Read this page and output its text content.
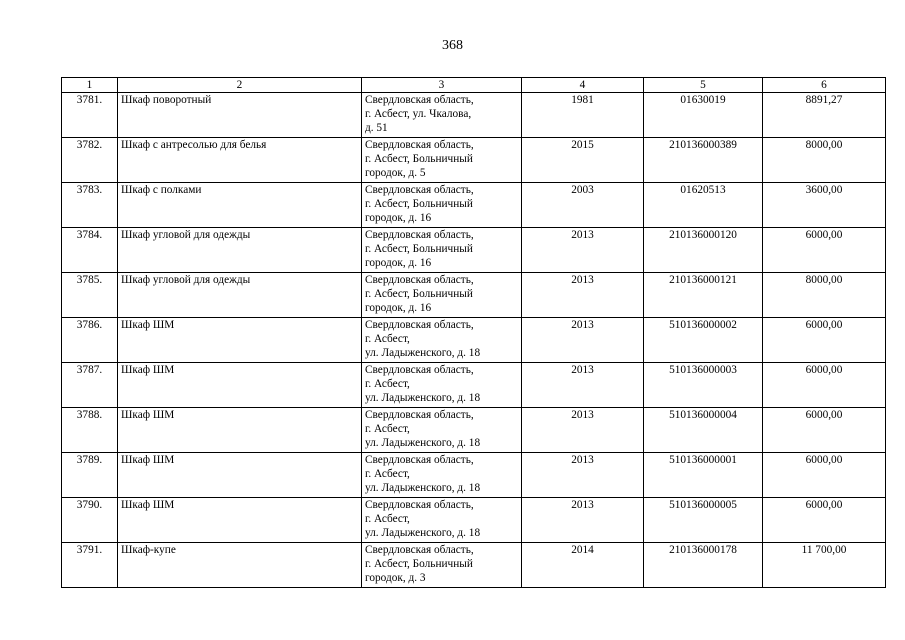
368
1	2	3	4	5	6
3781.	Шкаф поворотный	Свердловская область,
г. Асбест, ул. Чкалова,
д. 51	1981	01630019	8891,27
3782.	Шкаф с антресолью для белья	Свердловская область,
г. Асбест, Больничный
городок, д. 5	2015	210136000389	8000,00
3783.	Шкаф с полками	Свердловская область,
г. Асбест, Больничный
городок, д. 16	2003	01620513	3600,00
3784.	Шкаф угловой для одежды	Свердловская область,
г. Асбест, Больничный
городок, д. 16	2013	210136000120	6000,00
3785.	Шкаф угловой для одежды	Свердловская область,
г. Асбест, Больничный
городок, д. 16	2013	210136000121	8000,00
3786.	Шкаф ШМ	Свердловская область,
г. Асбест,
ул. Ладыженского, д. 18	2013	510136000002	6000,00
3787.	Шкаф ШМ	Свердловская область,
г. Асбест,
ул. Ладыженского, д. 18	2013	510136000003	6000,00
3788.	Шкаф ШМ	Свердловская область,
г. Асбест,
ул. Ладыженского, д. 18	2013	510136000004	6000,00
3789.	Шкаф ШМ	Свердловская область,
г. Асбест,
ул. Ладыженского, д. 18	2013	510136000001	6000,00
3790.	Шкаф ШМ	Свердловская область,
г. Асбест,
ул. Ладыженского, д. 18	2013	510136000005	6000,00
3791.	Шкаф-купе	Свердловская область,
г. Асбест, Больничный
городок, д. 3	2014	210136000178	11 700,00
